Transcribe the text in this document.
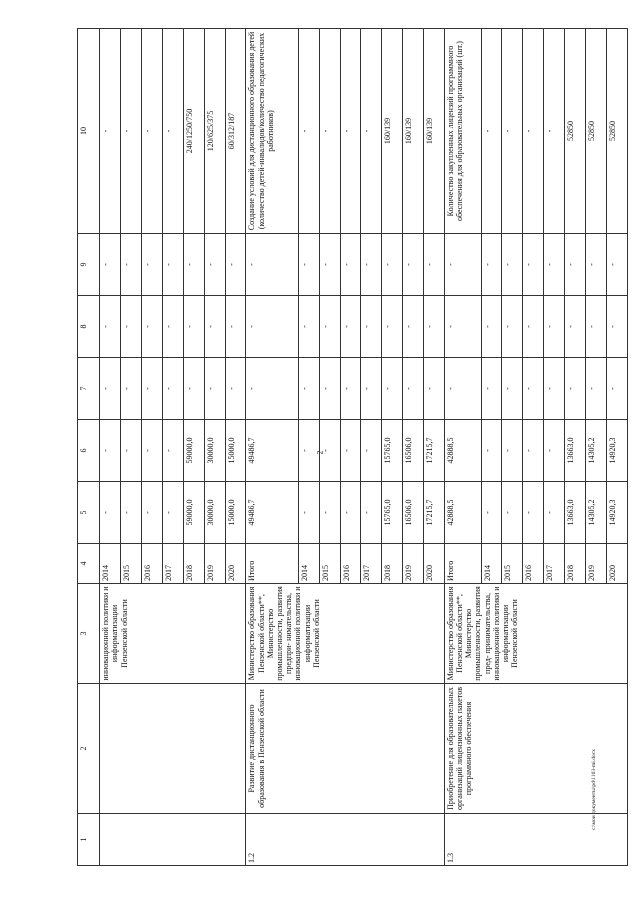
2
1	2	3	4	5	6	7	8	9	10
		инновационной политики и информатизации Пензенской области	2014	-	-	-	-	-	-
			2015	-	-	-	-	-	-
			2016	-	-	-	-	-	-
			2017	-	-	-	-	-	-
			2018	59000,0	59000,0	-	-	-	240/1250/750
			2019	30000,0	30000,0	-	-	-	120/625/375
			2020	15000,0	15000,0	-	-	-	60/312/187
1.2	Развитие дистанционного образования в Пензенской области	Министерство образования Пензенской области**, Министерство промышленности, развития предпри- нимательства, инновационной политики и информатизации Пензенской области	Итого	49486,7	49486,7	-	-	-	Создание условий для дистанционного образования детей (количество детей-инвалидов/количество педагогических работников)
			2014	-	-	-	-	-	-
			2015	-	-	-	-	-	-
			2016	-	-	-	-	-	-
			2017	-	-	-	-	-	-
			2018	15765,0	15765,0	-	-	-	160/139
			2019	16506,0	16506,0	-	-	-	160/139
			2020	17215,7	17215,7	-	-	-	160/139
1.3	Приобретение для образовательных организаций лицензионных пакетов программного обеспечения	Министерство образования Пензенской области**, Министерство промышленности, развития пред- принимательства, инновационной политики и информатизации Пензенской области	Итого	42888,5	42888,5	-	-	-	Количество закупленных лицензий программного обеспечения для образовательных организаций (шт.)
			2014	-	-	-	-	-	-
			2015	-	-	-	-	-	-
			2016	-	-	-	-	-	-
			2017	-	-	-	-	-	-
			2018	13663,0	13663,0	-	-	-	52850
			2019	14305,2	14305,2	-	-	-	52850
			2020	14920,3	14920,3	-	-	-	52850
c:\мои документы\pd\1103-mi.docx
